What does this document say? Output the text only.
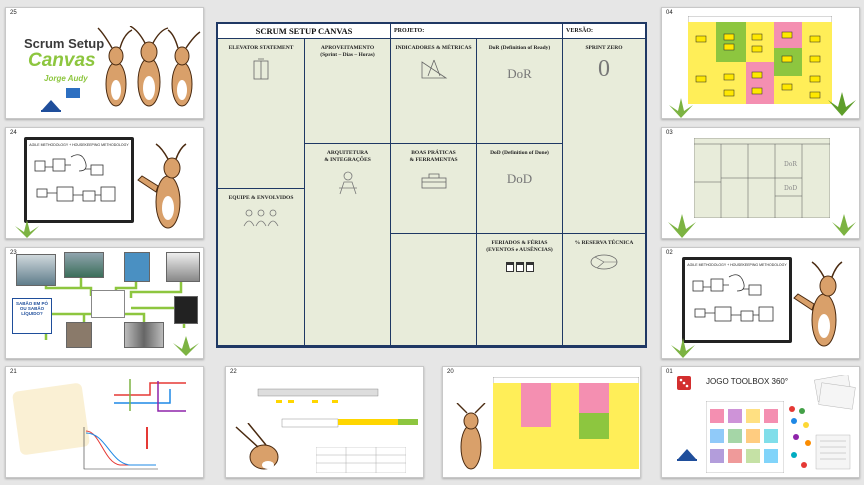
25
Scrum Setup
Canvas
Jorge Audy
24
AGILE METHODOLOGY + HOUSEKEEPING METHODOLOGY
23
SABÃO EM PÓ OU SABÃO LÍQUIDO?
21
SCRUM SETUP CANVAS	PROJETO:	VERSÃO:
ELEVATOR STATEMENT
EQUIPE & ENVOLVIDOS
APROVEITAMENTO
(Sprint – Dias – Horas)
ARQUITETURA
& INTEGRAÇÕES
INDICADORES & MÉTRICAS
BOAS PRÁTICAS
& FERRAMENTAS
FERIADOS & FÉRIAS
(EVENTOS e AUSÊNCIAS)
DoR (Definition of Ready)
DoR
DoD (Definition of Done)
DoD
SPRINT ZERO
0
% RESERVA TÉCNICA
22	20
04
03
DoR
DoD
02
AGILE METHODOLOGY + HOUSEKEEPING METHODOLOGY
01
JOGO TOOLBOX 360°
